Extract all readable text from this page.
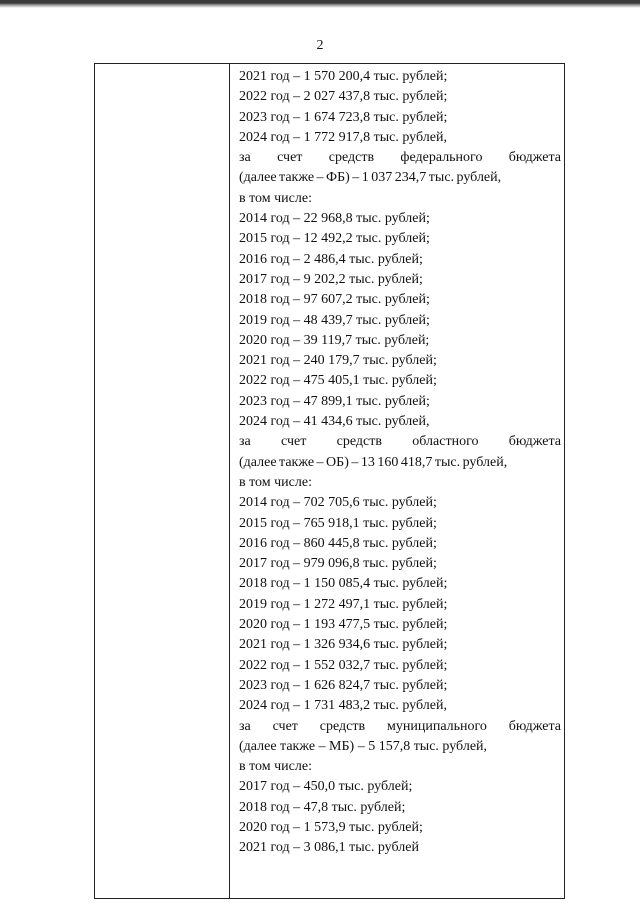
2
2021 год – 1 570 200,4 тыс. рублей;
2022 год – 2 027 437,8 тыс. рублей;
2023 год – 1 674 723,8 тыс. рублей;
2024 год – 1 772 917,8 тыс. рублей,
за счет средств федерального бюджета
(далее также – ФБ) – 1 037 234,7 тыс. рублей,
в том числе:
2014 год – 22 968,8 тыс. рублей;
2015 год – 12 492,2 тыс. рублей;
2016 год – 2 486,4 тыс. рублей;
2017 год – 9 202,2 тыс. рублей;
2018 год – 97 607,2 тыс. рублей;
2019 год – 48 439,7 тыс. рублей;
2020 год – 39 119,7 тыс. рублей;
2021 год – 240 179,7 тыс. рублей;
2022 год – 475 405,1 тыс. рублей;
2023 год – 47 899,1 тыс. рублей;
2024 год – 41 434,6 тыс. рублей,
за счет средств областного бюджета
(далее также – ОБ) – 13 160 418,7 тыс. рублей,
в том числе:
2014 год – 702 705,6 тыс. рублей;
2015 год – 765 918,1 тыс. рублей;
2016 год – 860 445,8 тыс. рублей;
2017 год – 979 096,8 тыс. рублей;
2018 год – 1 150 085,4 тыс. рублей;
2019 год – 1 272 497,1 тыс. рублей;
2020 год – 1 193 477,5 тыс. рублей;
2021 год – 1 326 934,6 тыс. рублей;
2022 год – 1 552 032,7 тыс. рублей;
2023 год – 1 626 824,7 тыс. рублей;
2024 год – 1 731 483,2 тыс. рублей,
за счет средств муниципального бюджета
(далее также – МБ) – 5 157,8 тыс. рублей,
в том числе:
2017 год – 450,0 тыс. рублей;
2018 год – 47,8 тыс. рублей;
2020 год – 1 573,9 тыс. рублей;
2021 год – 3 086,1 тыс. рублей
